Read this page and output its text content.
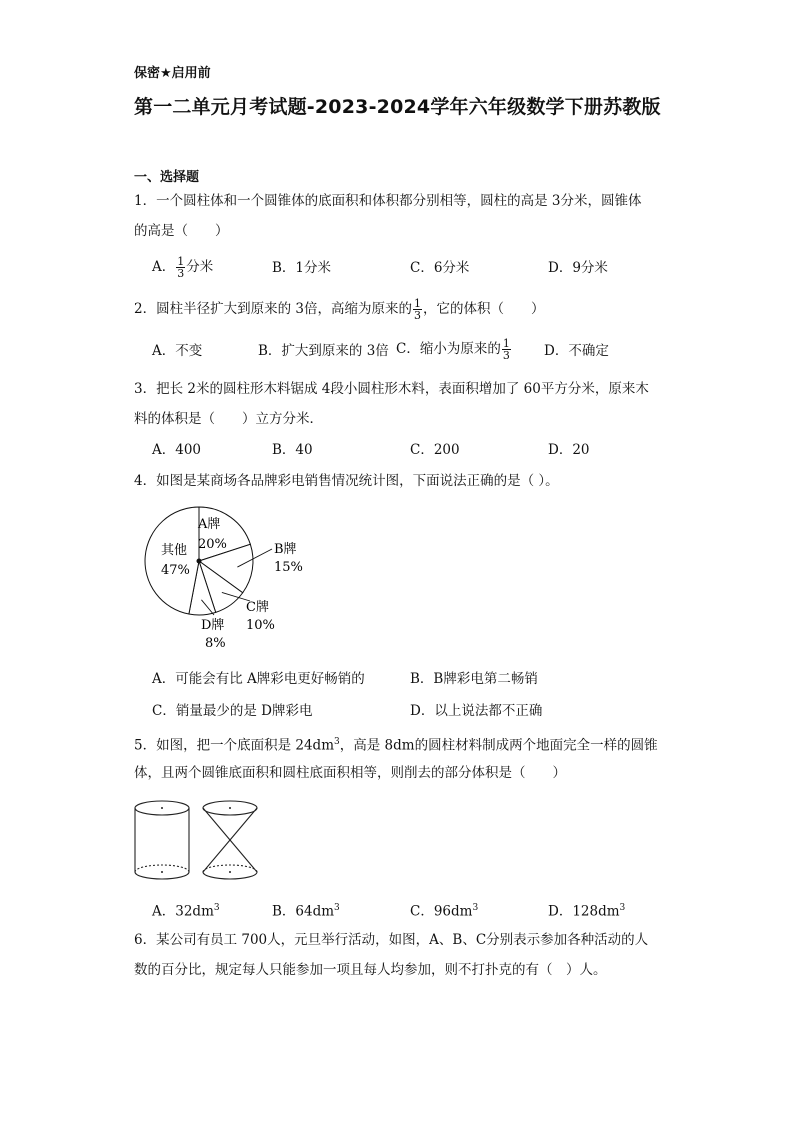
保密★启用前
第一二单元月考试题-2023-2024学年六年级数学下册苏教版
一、选择题
1．一个圆柱体和一个圆锥体的底面积和体积都分别相等，圆柱的高是 3分米，圆锥体
的高是（　　）
A． $\frac{1}{3}$ 分米	B．1分米	C．6分米	D．9分米
2．圆柱半径扩大到原来的 3倍，高缩为原来的 $\frac{1}{3}$ ，它的体积（　　）
A．不变	B．扩大到原来的 3倍 C．缩小为原来的 $\frac{1}{3}$ D．不确定
3．把长 2米的圆柱形木料锯成 4段小圆柱形木料，表面积增加了 60平方分米，原来木
料的体积是（　　）立方分米．
A．400	B．40	C．200	D．20
4．如图是某商场各品牌彩电销售情况统计图，下面说法正确的是（ ）。
A牌
20%	B牌
15%
C牌
10%
D牌
8%
其他
47%
A．可能会有比 A牌彩电更好畅销的	B．B牌彩电第二畅销
C．销量最少的是 D牌彩电	D．以上说法都不正确
5．如图，把一个底面积是 $24dm^3$，高是 8dm的圆柱材料制成两个地面完全一样的圆锥
体，且两个圆锥底面积和圆柱底面积相等，则削去的部分体积是（　　）
A．$32dm^3$	B．$64dm^3$	C．$96dm^3$	D．$128dm^3$
6．某公司有员工 700人，元旦举行活动，如图，A、B、C分别表示参加各种活动的人
数的百分比，规定每人只能参加一项且每人均参加，则不打扑克的有（　）人。
